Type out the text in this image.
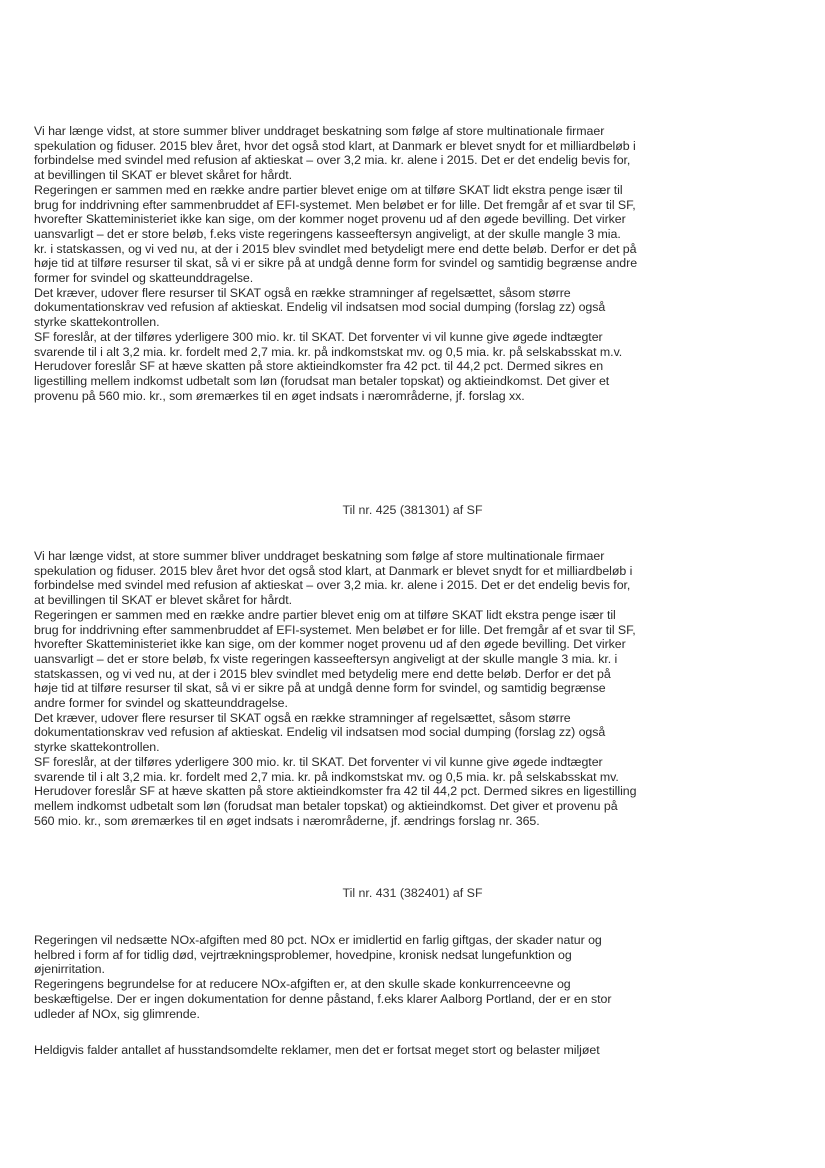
Vi har længe vidst, at store summer bliver unddraget beskatning som følge af store multinationale firmaer
spekulation og fiduser. 2015 blev året, hvor det også stod klart, at Danmark er blevet snydt for et milliardbeløb i
forbindelse med svindel med refusion af aktieskat – over 3,2 mia. kr. alene i 2015. Det er det endelig bevis for,
at bevillingen til SKAT er blevet skåret for hårdt.

Regeringen er sammen med en række andre partier blevet enige om at tilføre SKAT lidt ekstra penge især til
brug for inddrivning efter sammenbruddet af EFI-systemet. Men beløbet er for lille. Det fremgår af et svar til SF,
hvorefter Skatteministeriet ikke kan sige, om der kommer noget provenu ud af den øgede bevilling. Det virker
uansvarligt – det er store beløb, f.eks viste regeringens kasseeftersyn angiveligt, at der skulle mangle 3 mia.
kr. i statskassen, og vi ved nu, at der i 2015 blev svindlet med betydeligt mere end dette beløb. Derfor er det på
høje tid at tilføre resurser til skat, så vi er sikre på at undgå denne form for svindel og samtidig begrænse andre
former for svindel og skatteunddragelse.

Det kræver, udover flere resurser til SKAT også en række stramninger af regelsættet, såsom større
dokumentationskrav ved refusion af aktieskat. Endelig vil indsatsen mod social dumping (forslag zz) også
styrke skattekontrollen.

SF foreslår, at der tilføres yderligere 300 mio. kr. til SKAT. Det forventer vi vil kunne give øgede indtægter
svarende til i alt 3,2 mia. kr. fordelt med 2,7 mia. kr. på indkomstskat mv. og 0,5 mia. kr. på selskabsskat m.v.

Herudover foreslår SF at hæve skatten på store aktieindkomster fra 42 pct. til 44,2 pct. Dermed sikres en
ligestilling mellem indkomst udbetalt som løn (forudsat man betaler topskat) og aktieindkomst. Det giver et
provenu på 560 mio. kr., som øremærkes til en øget indsats i nærområderne, jf. forslag xx.

Til nr. 425 (381301) af SF

Vi har længe vidst, at store summer bliver unddraget beskatning som følge af store multinationale firmaer
spekulation og fiduser. 2015 blev året hvor det også stod klart, at Danmark er blevet snydt for et milliardbeløb i
forbindelse med svindel med refusion af aktieskat – over 3,2 mia. kr. alene i 2015. Det er det endelig bevis for,
at bevillingen til SKAT er blevet skåret for hårdt.

Regeringen er sammen med en række andre partier blevet enig om at tilføre SKAT lidt ekstra penge især til
brug for inddrivning efter sammenbruddet af EFI-systemet. Men beløbet er for lille. Det fremgår af et svar til SF,
hvorefter Skatteministeriet ikke kan sige, om der kommer noget provenu ud af den øgede bevilling. Det virker
uansvarligt – det er store beløb, fx viste regeringen kasseeftersyn angiveligt at der skulle mangle 3 mia. kr. i
statskassen, og vi ved nu, at der i 2015 blev svindlet med betydelig mere end dette beløb. Derfor er det på
høje tid at tilføre resurser til skat, så vi er sikre på at undgå denne form for svindel, og samtidig begrænse
andre former for svindel og skatteunddragelse.

Det kræver, udover flere resurser til SKAT også en række stramninger af regelsættet, såsom større
dokumentationskrav ved refusion af aktieskat. Endelig vil indsatsen mod social dumping (forslag zz) også
styrke skattekontrollen.

SF foreslår, at der tilføres yderligere 300 mio. kr. til SKAT. Det forventer vi vil kunne give øgede indtægter
svarende til i alt 3,2 mia. kr. fordelt med 2,7 mia. kr. på indkomstskat mv. og 0,5 mia. kr. på selskabsskat mv.

Herudover foreslår SF at hæve skatten på store aktieindkomster fra 42 til 44,2 pct. Dermed sikres en ligestilling
mellem indkomst udbetalt som løn (forudsat man betaler topskat) og aktieindkomst. Det giver et provenu på
560 mio. kr., som øremærkes til en øget indsats i nærområderne, jf. ændrings forslag nr. 365.

Til nr. 431 (382401) af SF

Regeringen vil nedsætte NOx-afgiften med 80 pct. NOx er imidlertid en farlig giftgas, der skader natur og
helbred i form af for tidlig død, vejrtrækningsproblemer, hovedpine, kronisk nedsat lungefunktion og
øjenirritation.

Regeringens begrundelse for at reducere NOx-afgiften er, at den skulle skade konkurrenceevne og
beskæftigelse. Der er ingen dokumentation for denne påstand, f.eks klarer Aalborg Portland, der er en stor
udleder af NOx, sig glimrende.

Heldigvis falder antallet af husstandsomdelte reklamer, men det er fortsat meget stort og belaster miljøet
